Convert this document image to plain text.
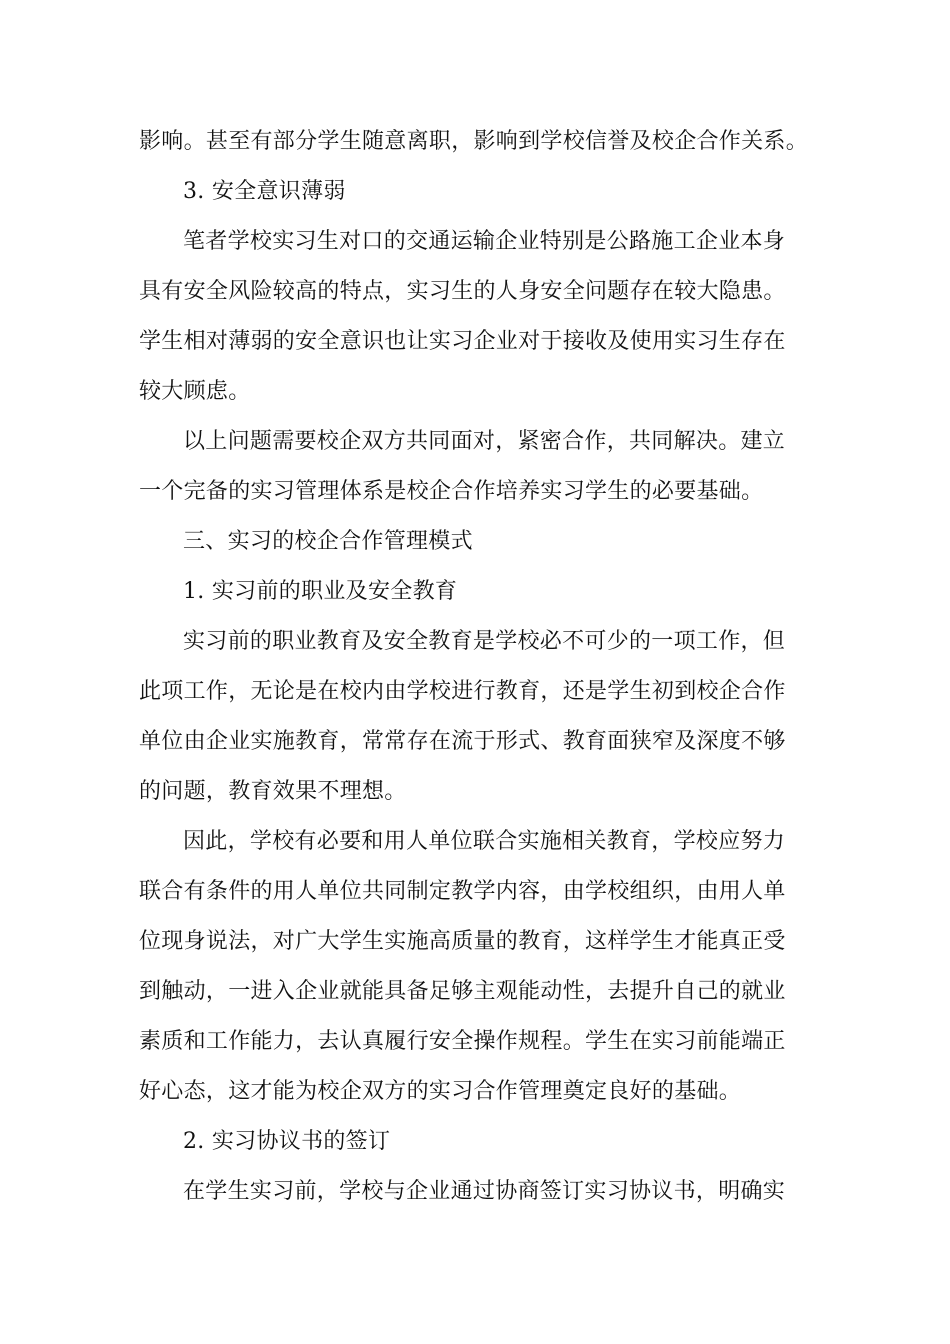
影响。甚至有部分学生随意离职，影响到学校信誉及校企合作关系。
3. 安全意识薄弱
笔者学校实习生对口的交通运输企业特别是公路施工企业本身
具有安全风险较高的特点，实习生的人身安全问题存在较大隐患。
学生相对薄弱的安全意识也让实习企业对于接收及使用实习生存在
较大顾虑。
以上问题需要校企双方共同面对，紧密合作，共同解决。建立
一个完备的实习管理体系是校企合作培养实习学生的必要基础。
三、实习的校企合作管理模式
1. 实习前的职业及安全教育
实习前的职业教育及安全教育是学校必不可少的一项工作，但
此项工作，无论是在校内由学校进行教育，还是学生初到校企合作
单位由企业实施教育，常常存在流于形式、教育面狭窄及深度不够
的问题，教育效果不理想。
因此，学校有必要和用人单位联合实施相关教育，学校应努力
联合有条件的用人单位共同制定教学内容，由学校组织，由用人单
位现身说法，对广大学生实施高质量的教育，这样学生才能真正受
到触动，一进入企业就能具备足够主观能动性，去提升自己的就业
素质和工作能力，去认真履行安全操作规程。学生在实习前能端正
好心态，这才能为校企双方的实习合作管理奠定良好的基础。
2. 实习协议书的签订
在学生实习前，学校与企业通过协商签订实习协议书，明确实
